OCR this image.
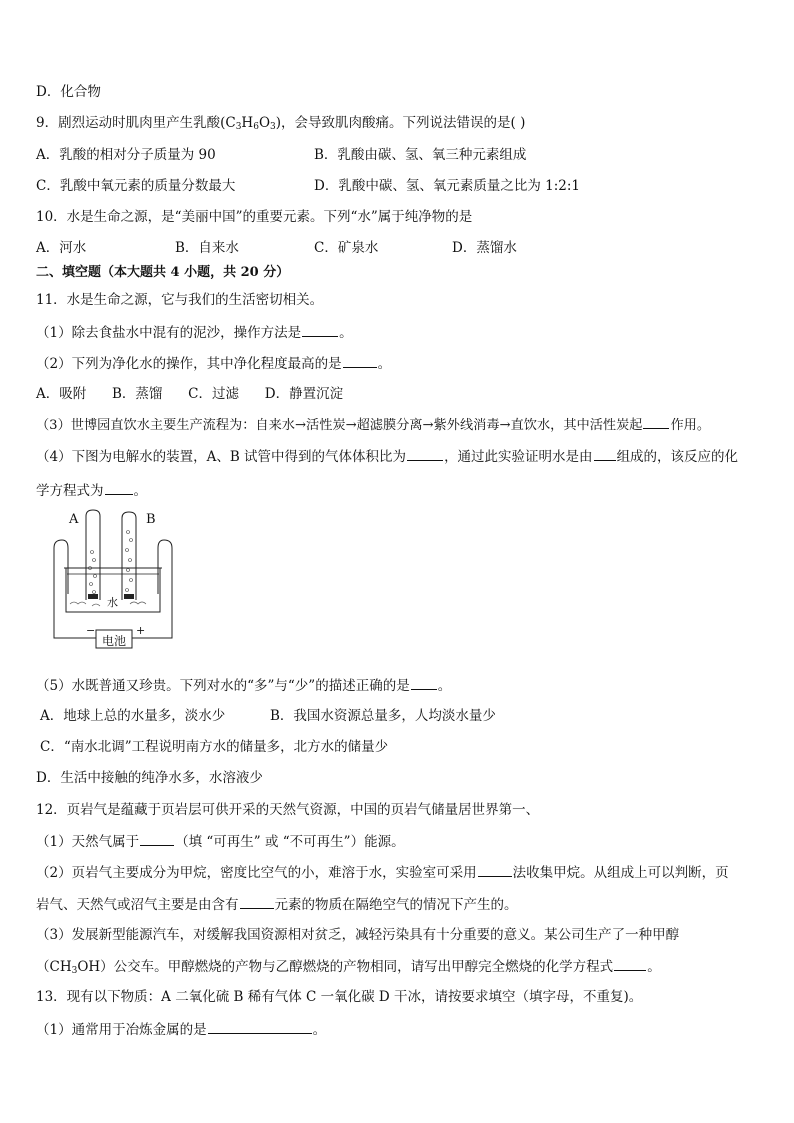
D．化合物
9．剧烈运动时肌肉里产生乳酸$(C_3H_6O_3)$，会导致肌肉酸痛。下列说法错误的是( )
A．乳酸的相对分子质量为 90	B．乳酸由碳、氢、氧三种元素组成
C．乳酸中氧元素的质量分数最大	D．乳酸中碳、氢、氧元素质量之比为 1:2:1
10．水是生命之源，是“美丽中国”的重要元素。下列“水”属于纯净物的是
A．河水	B．自来水	C．矿泉水	D．蒸馏水
二、填空题（本大题共 4 小题，共 20 分）
11．水是生命之源，它与我们的生活密切相关。
（1）除去食盐水中混有的泥沙，操作方法是	。
（2）下列为净化水的操作，其中净化程度最高的是	。
A．吸附      B．蒸馏      C．过滤      D．静置沉淀
（3）世博园直饮水主要生产流程为：自来水→活性炭→超滤膜分离→紫外线消毒→直饮水，其中活性炭起 作用。
（4）下图为电解水的装置，A、B 试管中得到的气体体积比为	，通过此实验证明水是由 组成的，该反应的化
学方程式为 。
A	B
水
电池
−	+
（5）水既普通又珍贵。下列对水的“多”与“少”的描述正确的是 。
A．地球上总的水量多，淡水少	B．我国水资源总量多，人均淡水量少
C．“南水北调”工程说明南方水的储量多，北方水的储量少
D．生活中接触的纯净水多，水溶液少
12．页岩气是蕴藏于页岩层可供开采的天然气资源，中国的页岩气储量居世界第一、
（1）天然气属于	（填 “可再生” 或 “不可再生”）能源。
（2）页岩气主要成分为甲烷，密度比空气的小，难溶于水，实验室可采用	法收集甲烷。从组成上可以判断，页
岩气、天然气或沼气主要是由含有	元素的物质在隔绝空气的情况下产生的。
（3）发展新型能源汽车，对缓解我国资源相对贫乏，减轻污染具有十分重要的意义。某公司生产了一种甲醇
$(CH_3OH)$公交车。甲醇燃烧的产物与乙醇燃烧的产物相同，请写出甲醇完全燃烧的化学方程式	。
13．现有以下物质：A 二氧化硫 B 稀有气体 C 一氧化碳 D 干冰，请按要求填空（填字母，不重复)。
（1）通常用于冶炼金属的是	。
